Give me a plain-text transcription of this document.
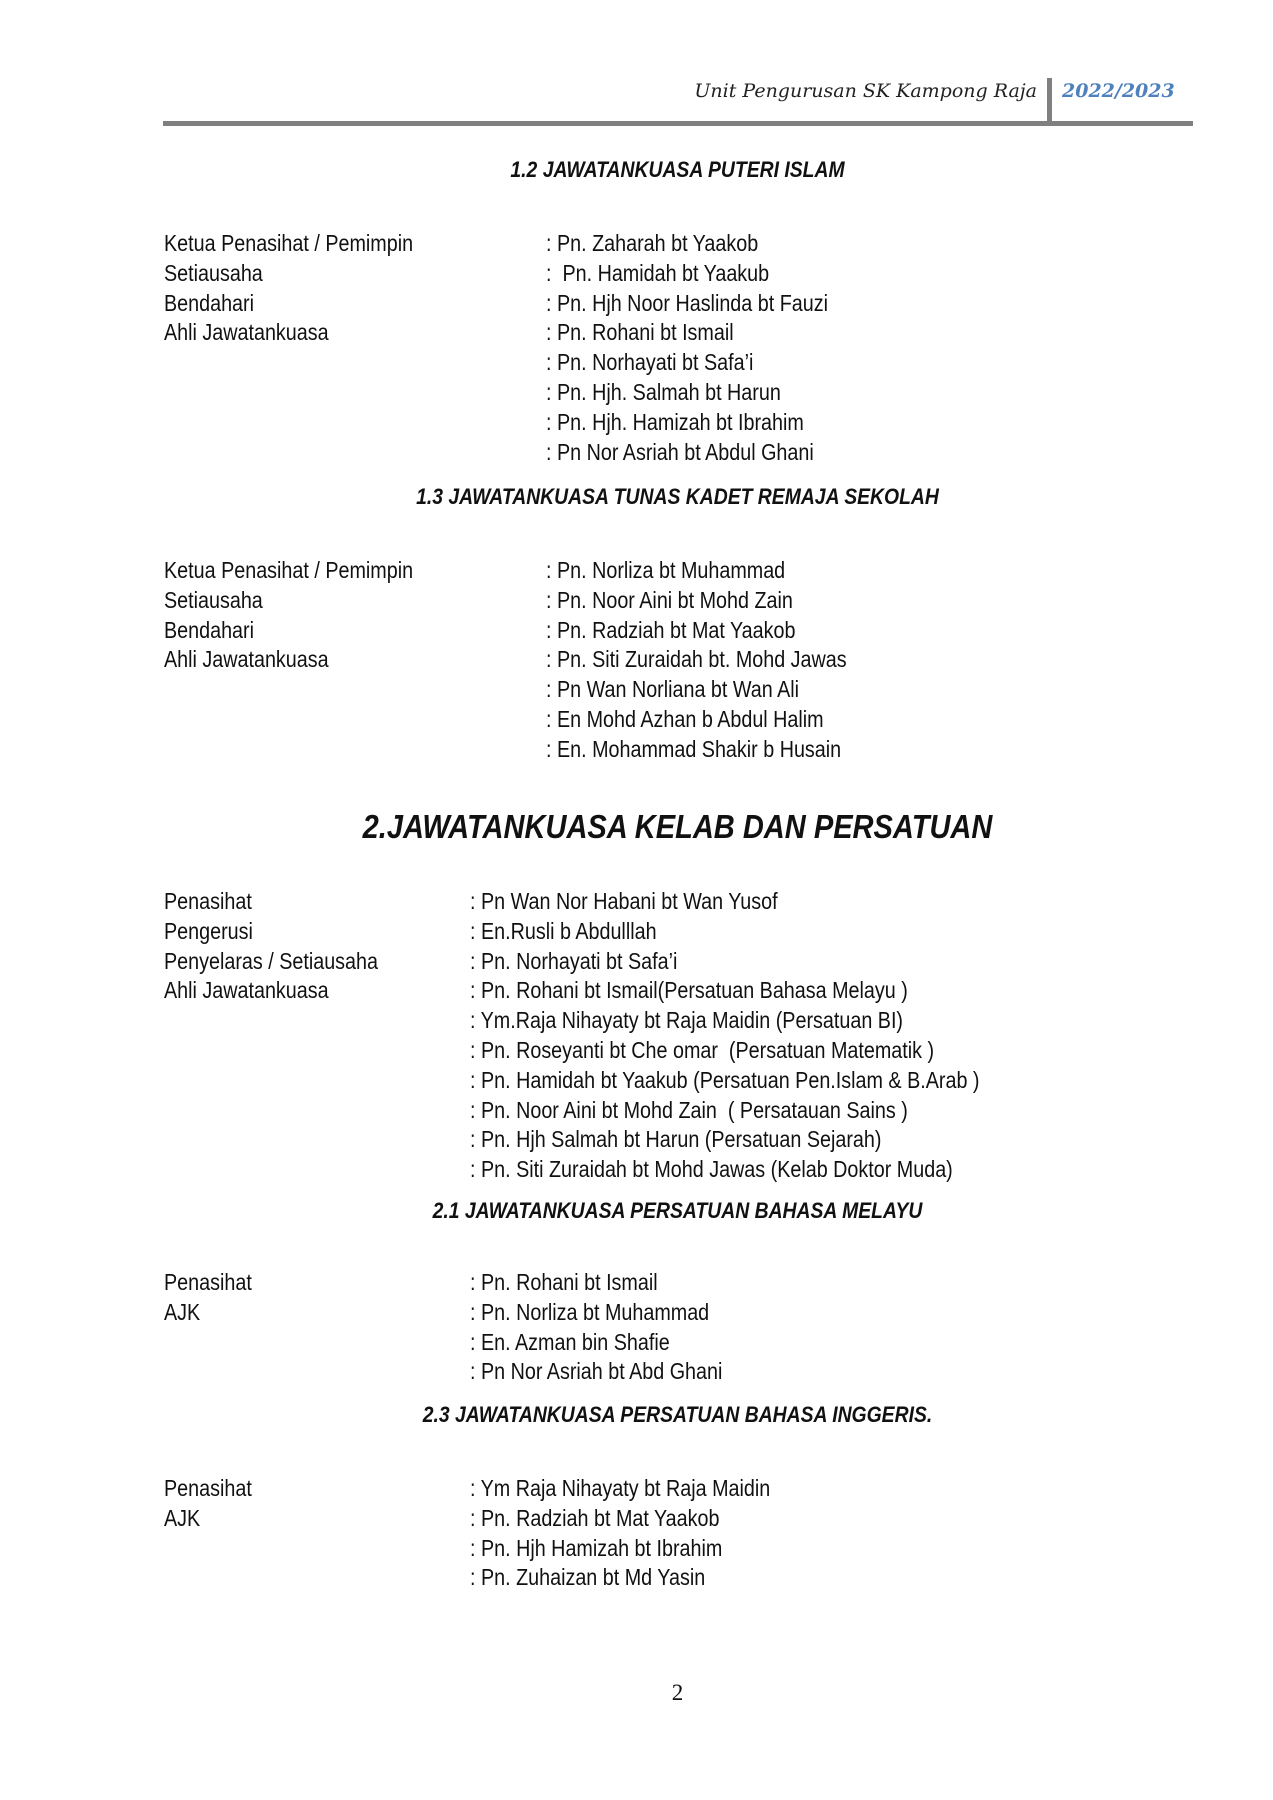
Unit Pengurusan SK Kampong Raja 2022/2023
1.2 JAWATANKUASA PUTERI ISLAM
Ketua Penasihat / Pemimpin	: Pn. Zaharah bt Yaakob
Setiausaha	:  Pn. Hamidah bt Yaakub
Bendahari	: Pn. Hjh Noor Haslinda bt Fauzi
Ahli Jawatankuasa	: Pn. Rohani bt Ismail
: Pn. Norhayati bt Safa’i
: Pn. Hjh. Salmah bt Harun
: Pn. Hjh. Hamizah bt Ibrahim
: Pn Nor Asriah bt Abdul Ghani
1.3 JAWATANKUASA TUNAS KADET REMAJA SEKOLAH
Ketua Penasihat / Pemimpin	: Pn. Norliza bt Muhammad
Setiausaha	: Pn. Noor Aini bt Mohd Zain
Bendahari	: Pn. Radziah bt Mat Yaakob
Ahli Jawatankuasa	: Pn. Siti Zuraidah bt. Mohd Jawas
: Pn Wan Norliana bt Wan Ali
: En Mohd Azhan b Abdul Halim
: En. Mohammad Shakir b Husain
2.JAWATANKUASA KELAB DAN PERSATUAN
Penasihat	: Pn Wan Nor Habani bt Wan Yusof
Pengerusi	: En.Rusli b Abdulllah
Penyelaras / Setiausaha	: Pn. Norhayati bt Safa’i
Ahli Jawatankuasa	: Pn. Rohani bt Ismail(Persatuan Bahasa Melayu )
: Ym.Raja Nihayaty bt Raja Maidin (Persatuan BI)
: Pn. Roseyanti bt Che omar  (Persatuan Matematik )
: Pn. Hamidah bt Yaakub (Persatuan Pen.Islam & B.Arab )
: Pn. Noor Aini bt Mohd Zain  ( Persatauan Sains )
: Pn. Hjh Salmah bt Harun (Persatuan Sejarah)
: Pn. Siti Zuraidah bt Mohd Jawas (Kelab Doktor Muda)
2.1 JAWATANKUASA PERSATUAN BAHASA MELAYU
Penasihat	: Pn. Rohani bt Ismail
AJK	: Pn. Norliza bt Muhammad
: En. Azman bin Shafie
: Pn Nor Asriah bt Abd Ghani
2.3 JAWATANKUASA PERSATUAN BAHASA INGGERIS.
Penasihat	: Ym Raja Nihayaty bt Raja Maidin
AJK	: Pn. Radziah bt Mat Yaakob
: Pn. Hjh Hamizah bt Ibrahim
: Pn. Zuhaizan bt Md Yasin
2
